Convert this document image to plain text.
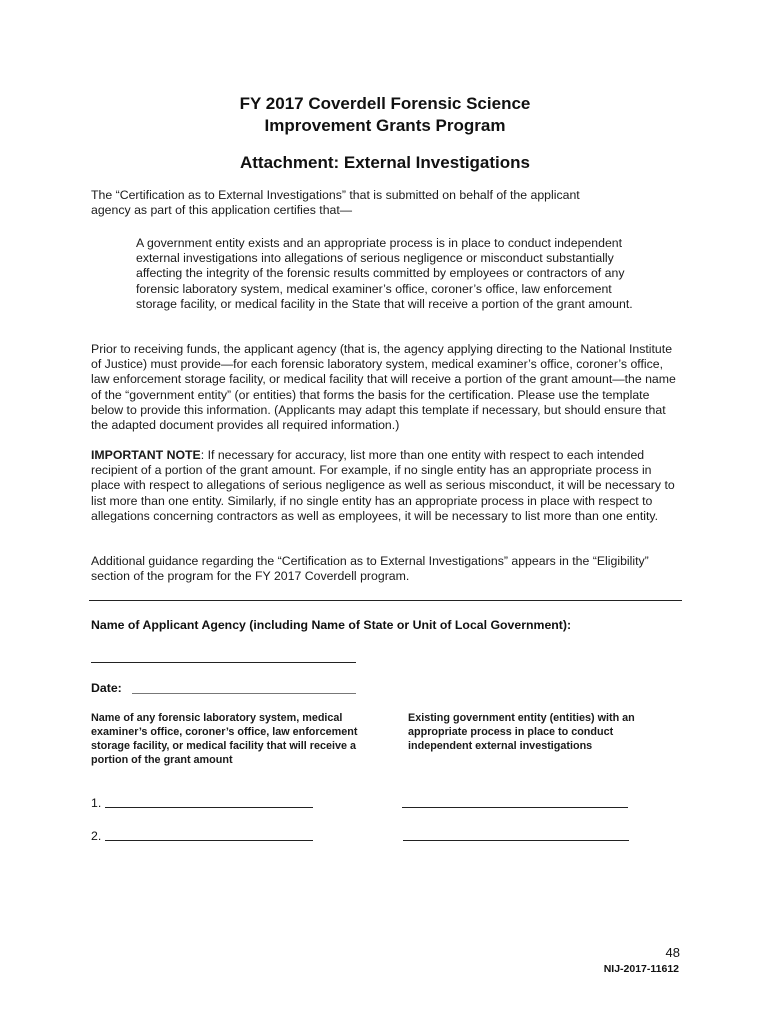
FY 2017 Coverdell Forensic Science
Improvement Grants Program
Attachment: External Investigations
The “Certification as to External Investigations” that is submitted on behalf of the applicant agency as part of this application certifies that—
A government entity exists and an appropriate process is in place to conduct independent external investigations into allegations of serious negligence or misconduct substantially affecting the integrity of the forensic results committed by employees or contractors of any forensic laboratory system, medical examiner’s office, coroner’s office, law enforcement storage facility, or medical facility in the State that will receive a portion of the grant amount.
Prior to receiving funds, the applicant agency (that is, the agency applying directing to the National Institute of Justice) must provide—for each forensic laboratory system, medical examiner’s office, coroner’s office, law enforcement storage facility, or medical facility that will receive a portion of the grant amount—the name of the “government entity” (or entities) that forms the basis for the certification. Please use the template below to provide this information. (Applicants may adapt this template if necessary, but should ensure that the adapted document provides all required information.)
IMPORTANT NOTE: If necessary for accuracy, list more than one entity with respect to each intended recipient of a portion of the grant amount. For example, if no single entity has an appropriate process in place with respect to allegations of serious negligence as well as serious misconduct, it will be necessary to list more than one entity. Similarly, if no single entity has an appropriate process in place with respect to allegations concerning contractors as well as employees, it will be necessary to list more than one entity.
Additional guidance regarding the “Certification as to External Investigations” appears in the “Eligibility” section of the program for the FY 2017 Coverdell program.
Name of Applicant Agency (including Name of State or Unit of Local Government):
Date:
Name of any forensic laboratory system, medical examiner’s office, coroner’s office, law enforcement storage facility, or medical facility that will receive a portion of the grant amount
Existing government entity (entities) with an appropriate process in place to conduct independent external investigations
1.
2.
48
NIJ-2017-11612
